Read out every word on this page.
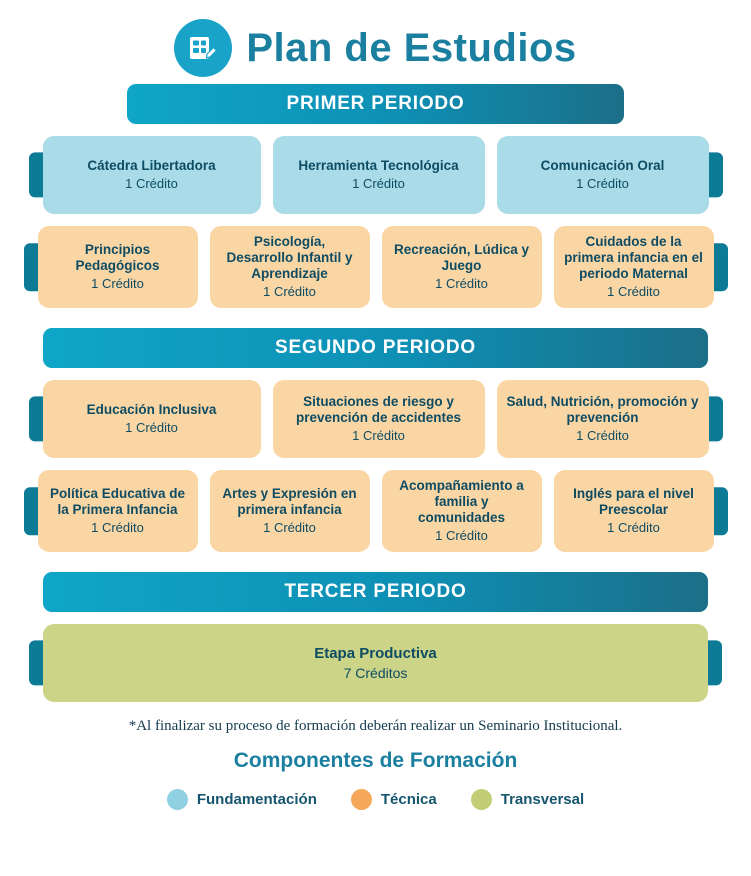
Plan de Estudios
PRIMER PERIODO
Cátedra Libertadora
1 Crédito
Herramienta Tecnológica
1 Crédito
Comunicación Oral
1 Crédito
Principios Pedagógicos
1 Crédito
Psicología, Desarrollo Infantil y Aprendizaje
1 Crédito
Recreación, Lúdica y Juego
1 Crédito
Cuidados de la primera infancia en el periodo Maternal
1 Crédito
SEGUNDO PERIODO
Educación Inclusiva
1 Crédito
Situaciones de riesgo y prevención de accidentes
1 Crédito
Salud, Nutrición, promoción y prevención
1 Crédito
Política Educativa de la Primera Infancia
1 Crédito
Artes y Expresión en primera infancia
1 Crédito
Acompañamiento a familia y comunidades
1 Crédito
Inglés para el nivel Preescolar
1 Crédito
TERCER PERIODO
Etapa Productiva
7 Créditos
*Al finalizar su proceso de formación deberán realizar un Seminario Institucional.
Componentes de Formación
Fundamentación	Técnica	Transversal
